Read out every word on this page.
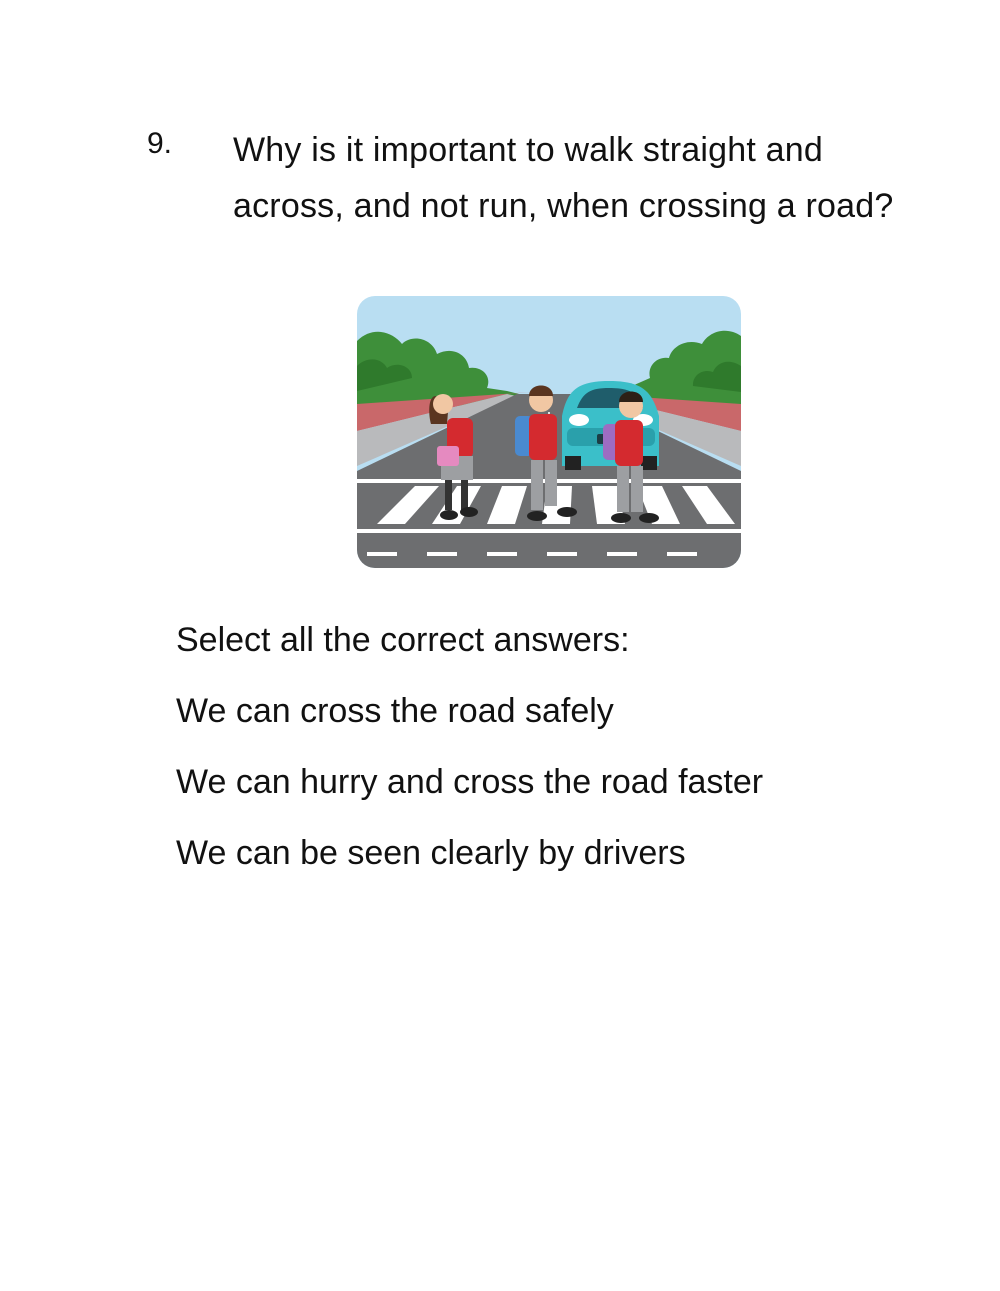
9. Why is it important to walk straight and across, and not run, when crossing a road?
Select all the correct answers:
We can cross the road safely
We can hurry and cross the road faster
We can be seen clearly by drivers
